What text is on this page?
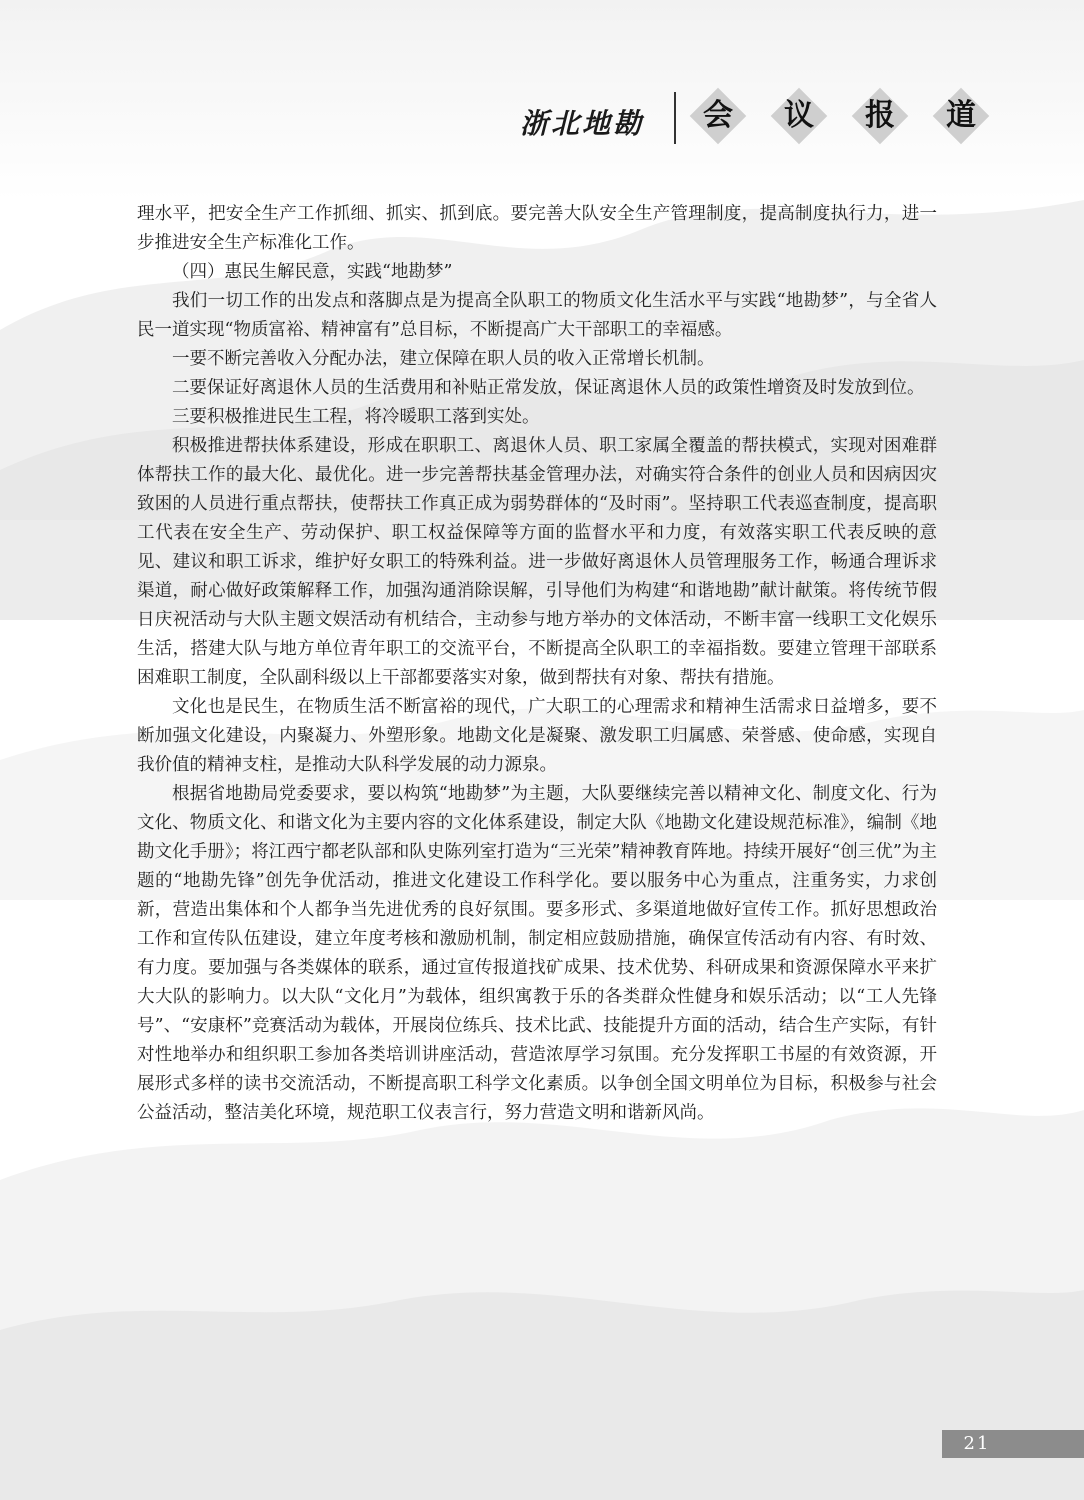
浙北地勘	会	议	报	道

理水平，把安全生产工作抓细、抓实、抓到底。要完善大队安全生产管理制度，提高制度执行力，进一步推进安全生产标准化工作。

（四）惠民生解民意，实践“地勘梦”

我们一切工作的出发点和落脚点是为提高全队职工的物质文化生活水平与实践“地勘梦”，与全省人民一道实现“物质富裕、精神富有”总目标，不断提高广大干部职工的幸福感。

一要不断完善收入分配办法，建立保障在职人员的收入正常增长机制。

二要保证好离退休人员的生活费用和补贴正常发放，保证离退休人员的政策性增资及时发放到位。

三要积极推进民生工程，将冷暖职工落到实处。

积极推进帮扶体系建设，形成在职职工、离退休人员、职工家属全覆盖的帮扶模式，实现对困难群体帮扶工作的最大化、最优化。进一步完善帮扶基金管理办法，对确实符合条件的创业人员和因病因灾致困的人员进行重点帮扶，使帮扶工作真正成为弱势群体的“及时雨”。坚持职工代表巡查制度，提高职工代表在安全生产、劳动保护、职工权益保障等方面的监督水平和力度，有效落实职工代表反映的意见、建议和职工诉求，维护好女职工的特殊利益。进一步做好离退休人员管理服务工作，畅通合理诉求渠道，耐心做好政策解释工作，加强沟通消除误解，引导他们为构建“和谐地勘”献计献策。将传统节假日庆祝活动与大队主题文娱活动有机结合，主动参与地方举办的文体活动，不断丰富一线职工文化娱乐生活，搭建大队与地方单位青年职工的交流平台，不断提高全队职工的幸福指数。要建立管理干部联系困难职工制度，全队副科级以上干部都要落实对象，做到帮扶有对象、帮扶有措施。

文化也是民生，在物质生活不断富裕的现代，广大职工的心理需求和精神生活需求日益增多，要不断加强文化建设，内聚凝力、外塑形象。地勘文化是凝聚、激发职工归属感、荣誉感、使命感，实现自我价值的精神支柱，是推动大队科学发展的动力源泉。

根据省地勘局党委要求，要以构筑“地勘梦”为主题，大队要继续完善以精神文化、制度文化、行为文化、物质文化、和谐文化为主要内容的文化体系建设，制定大队《地勘文化建设规范标准》，编制《地勘文化手册》；将江西宁都老队部和队史陈列室打造为“三光荣”精神教育阵地。持续开展好“创三优”为主题的“地勘先锋”创先争优活动，推进文化建设工作科学化。要以服务中心为重点，注重务实，力求创新，营造出集体和个人都争当先进优秀的良好氛围。要多形式、多渠道地做好宣传工作。抓好思想政治工作和宣传队伍建设，建立年度考核和激励机制，制定相应鼓励措施，确保宣传活动有内容、有时效、有力度。要加强与各类媒体的联系，通过宣传报道找矿成果、技术优势、科研成果和资源保障水平来扩大大队的影响力。以大队“文化月”为载体，组织寓教于乐的各类群众性健身和娱乐活动；以“工人先锋号”、“安康杯”竞赛活动为载体，开展岗位练兵、技术比武、技能提升方面的活动，结合生产实际，有针对性地举办和组织职工参加各类培训讲座活动，营造浓厚学习氛围。充分发挥职工书屋的有效资源，开展形式多样的读书交流活动，不断提高职工科学文化素质。以争创全国文明单位为目标，积极参与社会公益活动，整洁美化环境，规范职工仪表言行，努力营造文明和谐新风尚。

21
